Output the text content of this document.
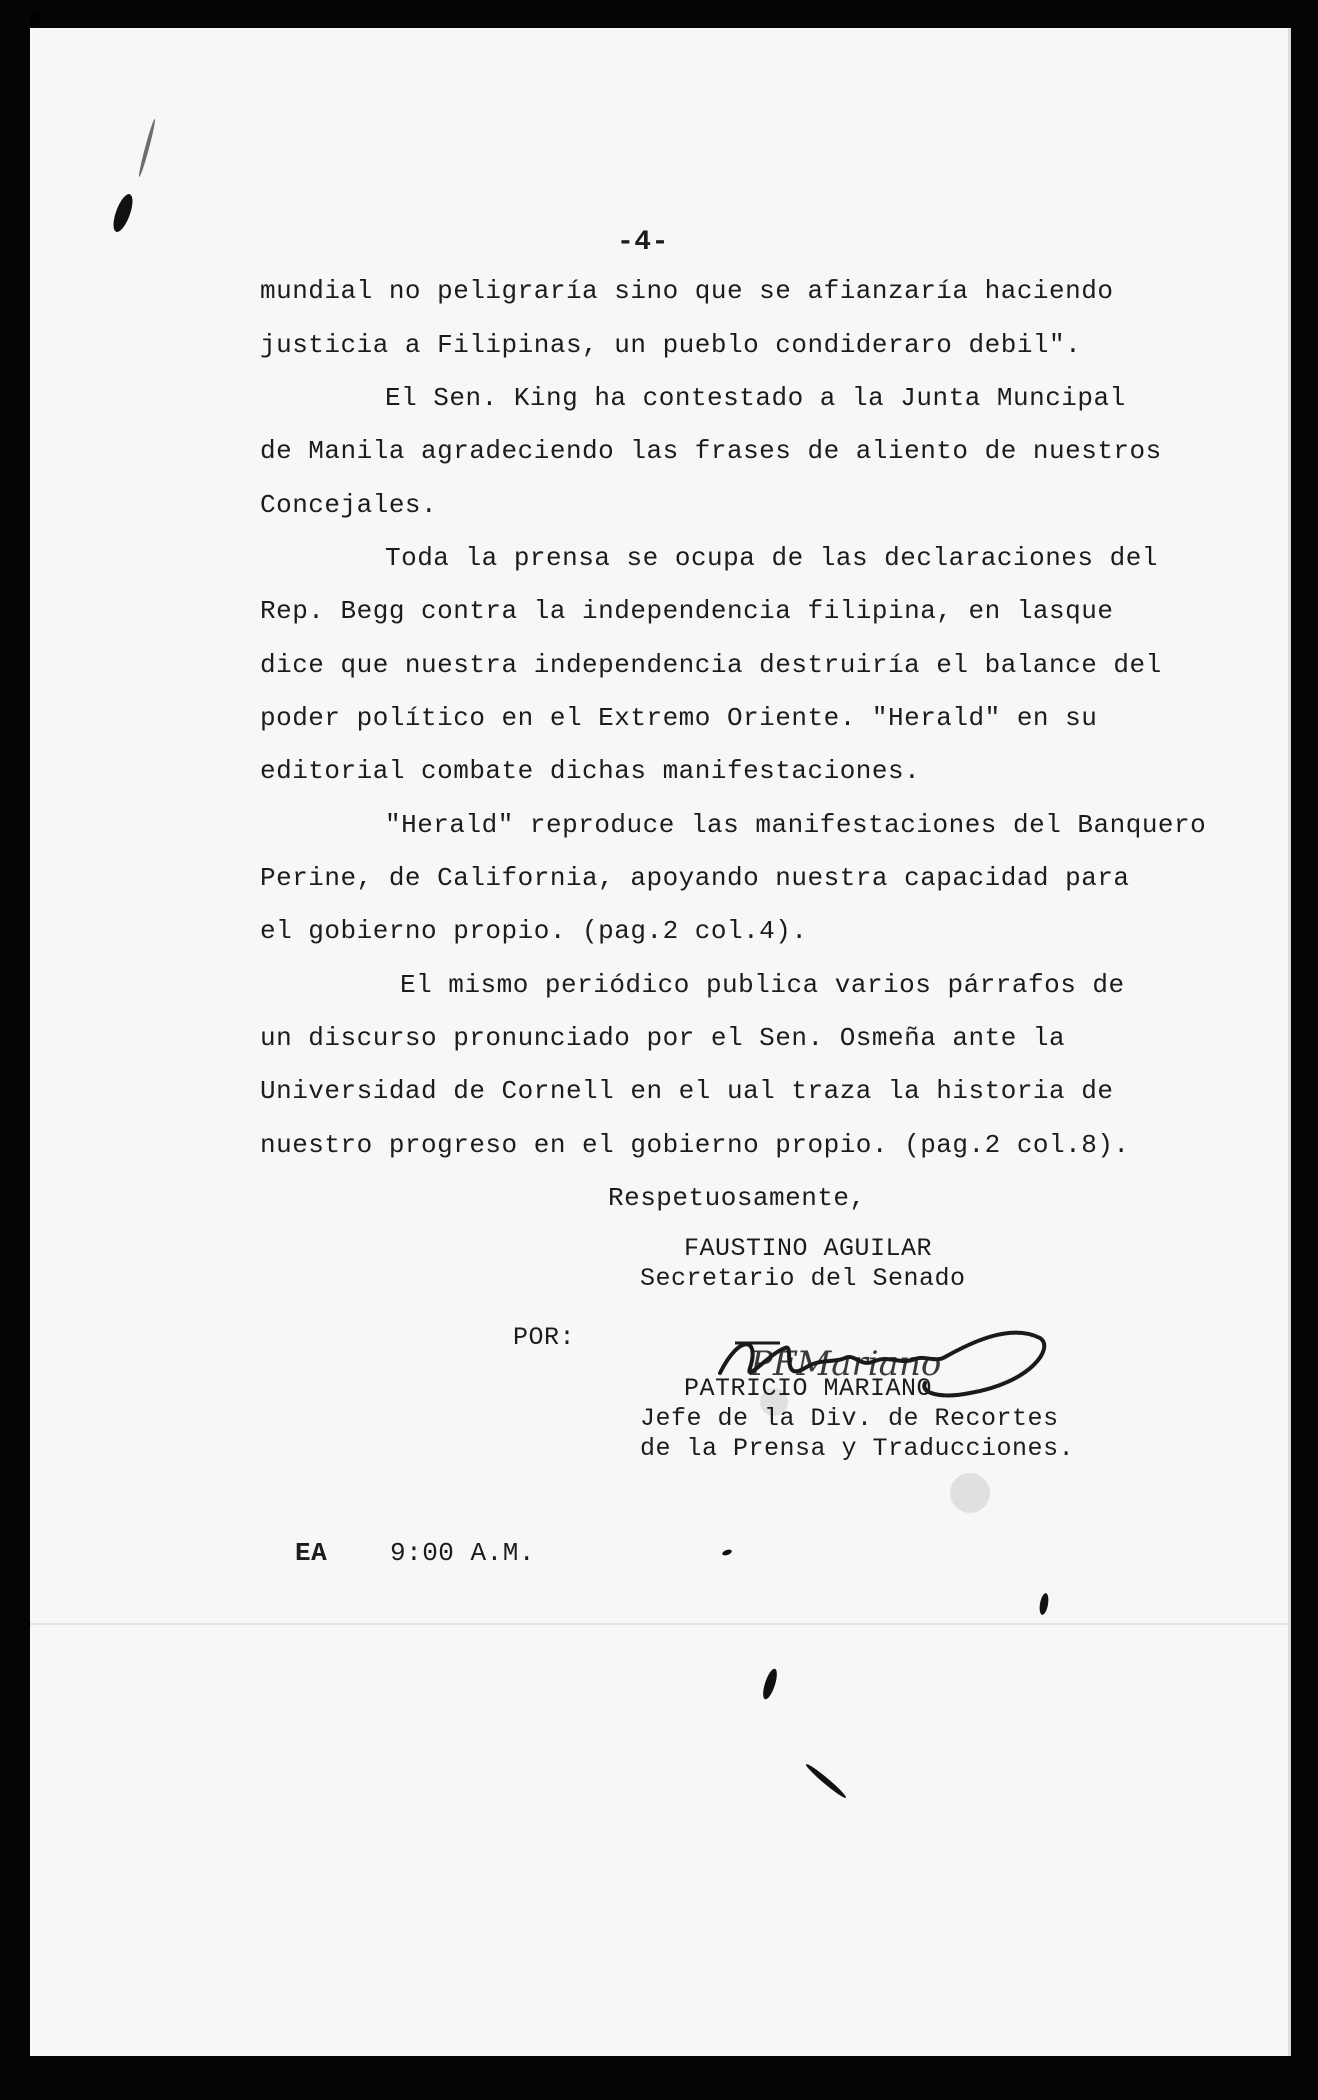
-4-

mundial no peligraría sino que se afianzaría haciendo

justicia a Filipinas, un pueblo condideraro debil".

El Sen. King ha contestado a la Junta Muncipal

de Manila agradeciendo las frases de aliento de nuestros

Concejales.

Toda la prensa se ocupa de las declaraciones del

Rep. Begg contra la independencia filipina, en lasque

dice que nuestra independencia destruiría el balance del

poder político en el Extremo Oriente. "Herald" en su

editorial combate dichas manifestaciones.

"Herald" reproduce las manifestaciones del Banquero

Perine, de California, apoyando nuestra capacidad para

el gobierno propio. (pag.2 col.4).

El mismo periódico publica varios párrafos de

un discurso pronunciado por el Sen. Osmeña ante la

Universidad de Cornell en el ual traza la historia de

nuestro progreso en el gobierno propio. (pag.2 col.8).

Respetuosamente,

FAUSTINO AGUILAR

Secretario del Senado

POR:

PFMariano

PATRICIO MARIANO

Jefe de la Div. de Recortes

de la Prensa y Traducciones.

EA 9:00 A.M.
